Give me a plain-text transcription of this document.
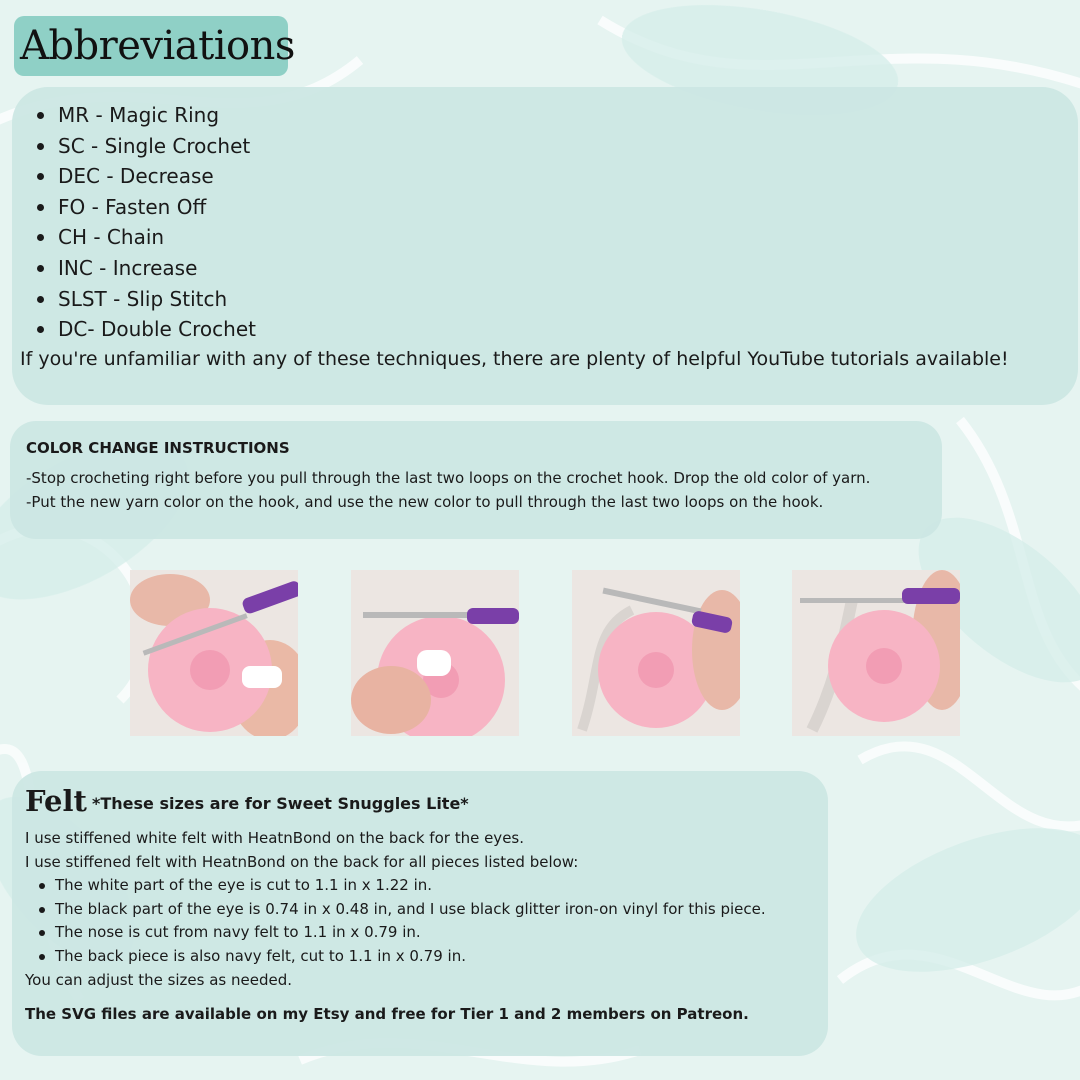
Abbreviations
MR - Magic Ring
SC - Single Crochet
DEC - Decrease
FO - Fasten Off
CH - Chain
INC - Increase
SLST - Slip Stitch
DC- Double Crochet
If you're unfamiliar with any of these techniques, there are plenty of helpful YouTube tutorials available!
COLOR CHANGE INSTRUCTIONS
-Stop crocheting right before you pull through the last two loops on the crochet hook. Drop the old color of yarn.
-Put the new yarn color on the hook, and use the new color to pull through the last two loops on the hook.
Felt *These sizes are for Sweet Snuggles Lite*
I use stiffened white felt with HeatnBond on the back for the eyes.
I use stiffened felt with HeatnBond on the back for all pieces listed below:
The white part of the eye is cut to 1.1 in x 1.22 in.
The black part of the eye is 0.74 in x 0.48 in, and I use black glitter iron-on vinyl for this piece.
The nose is cut from navy felt to 1.1 in x 0.79 in.
The back piece is also navy felt, cut to 1.1 in x 0.79 in.
You can adjust the sizes as needed.
The SVG files are available on my Etsy and free for Tier 1 and 2 members on Patreon.
